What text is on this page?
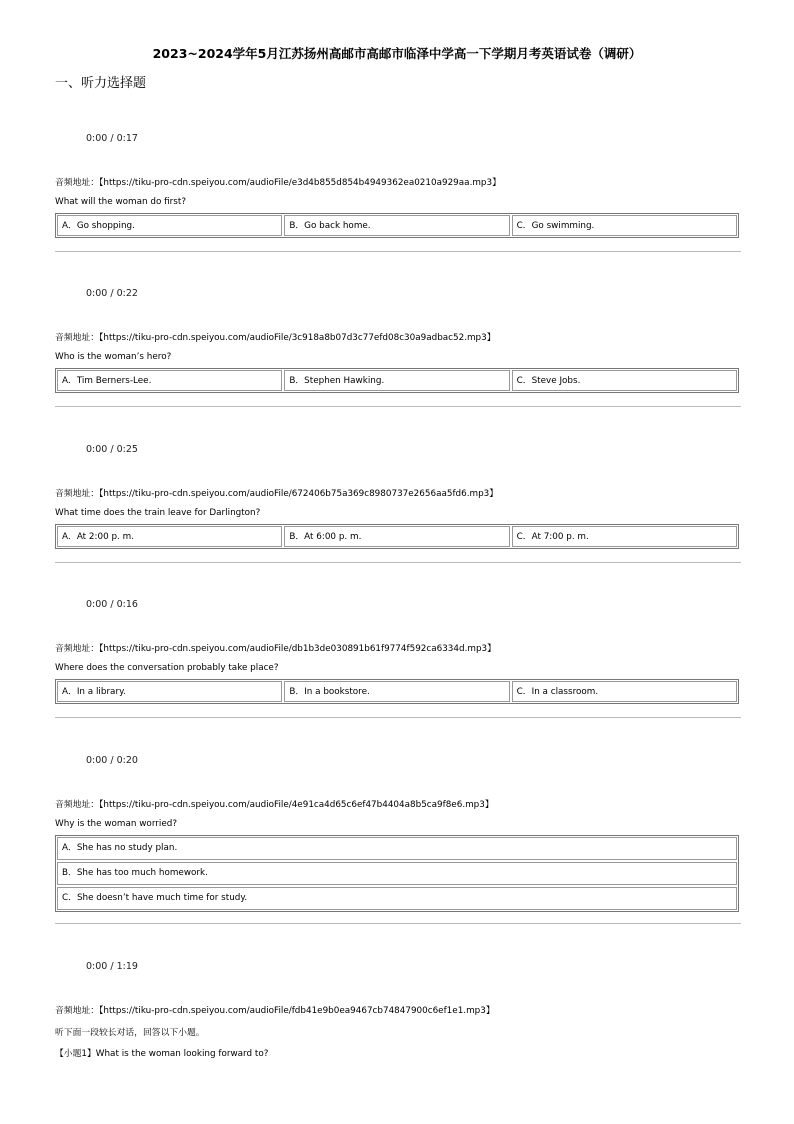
2023~2024学年5月江苏扬州高邮市高邮市临泽中学高一下学期月考英语试卷（调研）
一、听力选择题
0:00 / 0:17
音频地址：【https://tiku-pro-cdn.speiyou.com/audioFile/e3d4b855d854b4949362ea0210a929aa.mp3】
What will the woman do first?
A．Go shopping.	B．Go back home.	C．Go swimming.
0:00 / 0:22
音频地址：【https://tiku-pro-cdn.speiyou.com/audioFile/3c918a8b07d3c77efd08c30a9adbac52.mp3】
Who is the woman’s hero?
A．Tim Berners-Lee.	B．Stephen Hawking.	C．Steve Jobs.
0:00 / 0:25
音频地址：【https://tiku-pro-cdn.speiyou.com/audioFile/672406b75a369c8980737e2656aa5fd6.mp3】
What time does the train leave for Darlington?
A．At 2:00 p. m.	B．At 6:00 p. m.	C．At 7:00 p. m.
0:00 / 0:16
音频地址：【https://tiku-pro-cdn.speiyou.com/audioFile/db1b3de030891b61f9774f592ca6334d.mp3】
Where does the conversation probably take place?
A．In a library.	B．In a bookstore.	C．In a classroom.
0:00 / 0:20
音频地址：【https://tiku-pro-cdn.speiyou.com/audioFile/4e91ca4d65c6ef47b4404a8b5ca9f8e6.mp3】
Why is the woman worried?
A．She has no study plan.
B．She has too much homework.
C．She doesn’t have much time for study.
0:00 / 1:19
音频地址：【https://tiku-pro-cdn.speiyou.com/audioFile/fdb41e9b0ea9467cb74847900c6ef1e1.mp3】
听下面一段较长对话，回答以下小题。
【小题1】What is the woman looking forward to?
